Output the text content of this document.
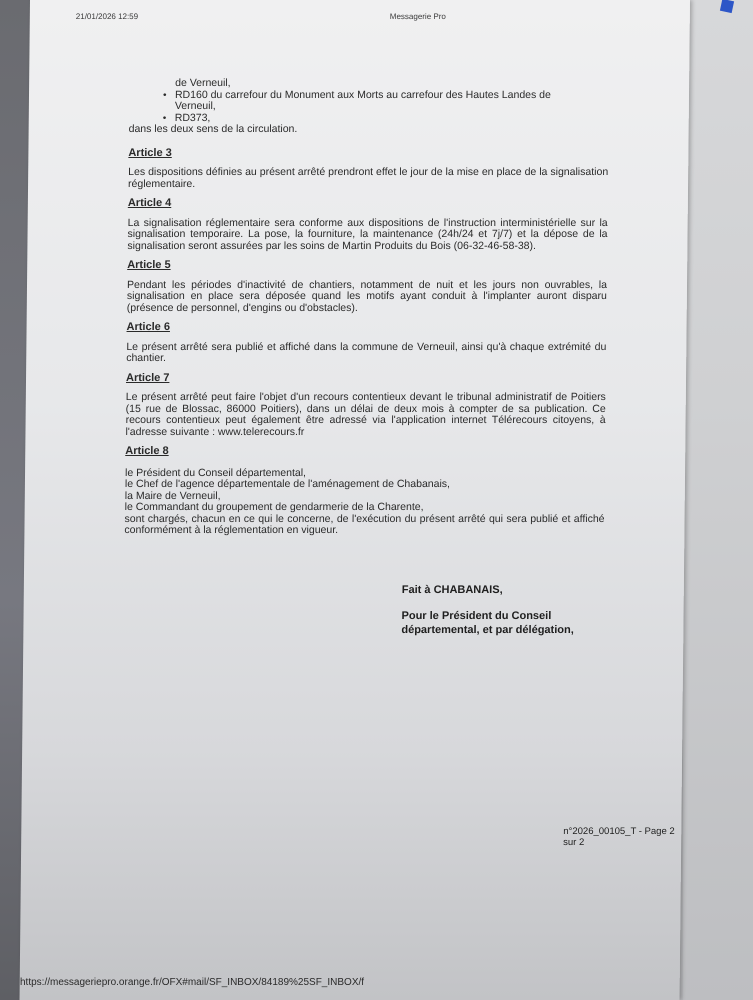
21/01/2026 12:59	Messagerie Pro
de Verneuil,
• RD160 du carrefour du Monument aux Morts au carrefour des Hautes Landes de
Verneuil,
• RD373,
dans les deux sens de la circulation.
Article 3
Les dispositions définies au présent arrêté prendront effet le jour de la mise en place de la signalisation réglementaire.
Article 4
La signalisation réglementaire sera conforme aux dispositions de l'instruction interministérielle sur la signalisation temporaire. La pose, la fourniture, la maintenance (24h/24 et 7j/7) et la dépose de la signalisation seront assurées par les soins de Martin Produits du Bois (06-32-46-58-38).
Article 5
Pendant les périodes d'inactivité de chantiers, notamment de nuit et les jours non ouvrables, la signalisation en place sera déposée quand les motifs ayant conduit à l'implanter auront disparu (présence de personnel, d'engins ou d'obstacles).
Article 6
Le présent arrêté sera publié et affiché dans la commune de Verneuil, ainsi qu'à chaque extrémité du chantier.
Article 7
Le présent arrêté peut faire l'objet d'un recours contentieux devant le tribunal administratif de Poitiers (15 rue de Blossac, 86000 Poitiers), dans un délai de deux mois à compter de sa publication. Ce recours contentieux peut également être adressé via l'application internet Télérecours citoyens, à l'adresse suivante : www.telerecours.fr
Article 8
le Président du Conseil départemental,
le Chef de l'agence départementale de l'aménagement de Chabanais,
la Maire de Verneuil,
le Commandant du groupement de gendarmerie de la Charente,
sont chargés, chacun en ce qui le concerne, de l'exécution du présent arrêté qui sera publié et affiché conformément à la réglementation en vigueur.
Fait à CHABANAIS,
Pour le Président du Conseil
départemental, et par délégation,
n°2026_00105_T - Page 2 sur 2
https://messageriepro.orange.fr/OFX#mail/SF_INBOX/84189%25SF_INBOX/f
